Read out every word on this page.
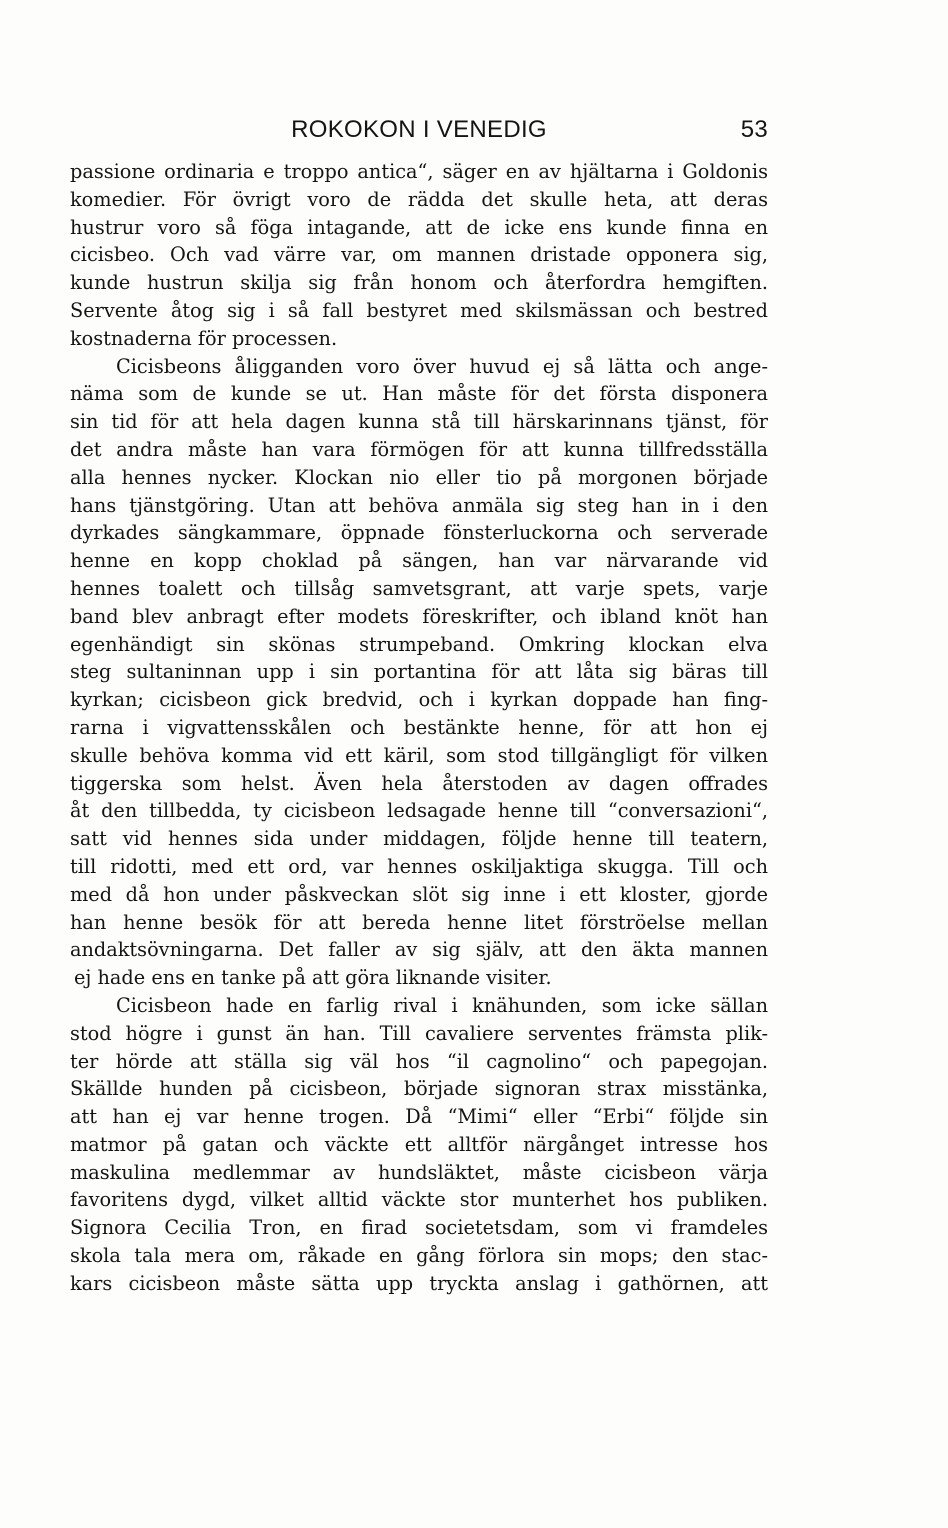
ROKOKON I VENEDIG	53
passione ordinaria e troppo antica“, säger en av hjältarna i Goldonis
komedier. För övrigt voro de rädda det skulle heta, att deras
hustrur voro så föga intagande, att de icke ens kunde finna en
cicisbeo. Och vad värre var, om mannen dristade opponera sig,
kunde hustrun skilja sig från honom och återfordra hemgiften.
Servente åtog sig i så fall bestyret med skilsmässan och bestred
kostnaderna för processen.
Cicisbeons åligganden voro över huvud ej så lätta och ange-
näma som de kunde se ut. Han måste för det första disponera
sin tid för att hela dagen kunna stå till härskarinnans tjänst, för
det andra måste han vara förmögen för att kunna tillfredsställa
alla hennes nycker. Klockan nio eller tio på morgonen började
hans tjänstgöring. Utan att behöva anmäla sig steg han in i den
dyrkades sängkammare, öppnade fönsterluckorna och serverade
henne en kopp choklad på sängen, han var närvarande vid
hennes toalett och tillsåg samvetsgrant, att varje spets, varje
band blev anbragt efter modets föreskrifter, och ibland knöt han
egenhändigt sin skönas strumpeband. Omkring klockan elva
steg sultaninnan upp i sin portantina för att låta sig bäras till
kyrkan; cicisbeon gick bredvid, och i kyrkan doppade han fing-
rarna i vigvattensskålen och bestänkte henne, för att hon ej
skulle behöva komma vid ett käril, som stod tillgängligt för vilken
tiggerska som helst. Även hela återstoden av dagen offrades
åt den tillbedda, ty cicisbeon ledsagade henne till “conversazioni“,
satt vid hennes sida under middagen, följde henne till teatern,
till ridotti, med ett ord, var hennes oskiljaktiga skugga. Till och
med då hon under påskveckan slöt sig inne i ett kloster, gjorde
han henne besök för att bereda henne litet förströelse mellan
andaktsövningarna. Det faller av sig själv, att den äkta mannen
ej hade ens en tanke på att göra liknande visiter.
Cicisbeon hade en farlig rival i knähunden, som icke sällan
stod högre i gunst än han. Till cavaliere serventes främsta plik-
ter hörde att ställa sig väl hos “il cagnolino“ och papegojan.
Skällde hunden på cicisbeon, började signoran strax misstänka,
att han ej var henne trogen. Då “Mimi“ eller “Erbi“ följde sin
matmor på gatan och väckte ett alltför närgånget intresse hos
maskulina medlemmar av hundsläktet, måste cicisbeon värja
favoritens dygd, vilket alltid väckte stor munterhet hos publiken.
Signora Cecilia Tron, en firad societetsdam, som vi framdeles
skola tala mera om, råkade en gång förlora sin mops; den stac-
kars cicisbeon måste sätta upp tryckta anslag i gathörnen, att
